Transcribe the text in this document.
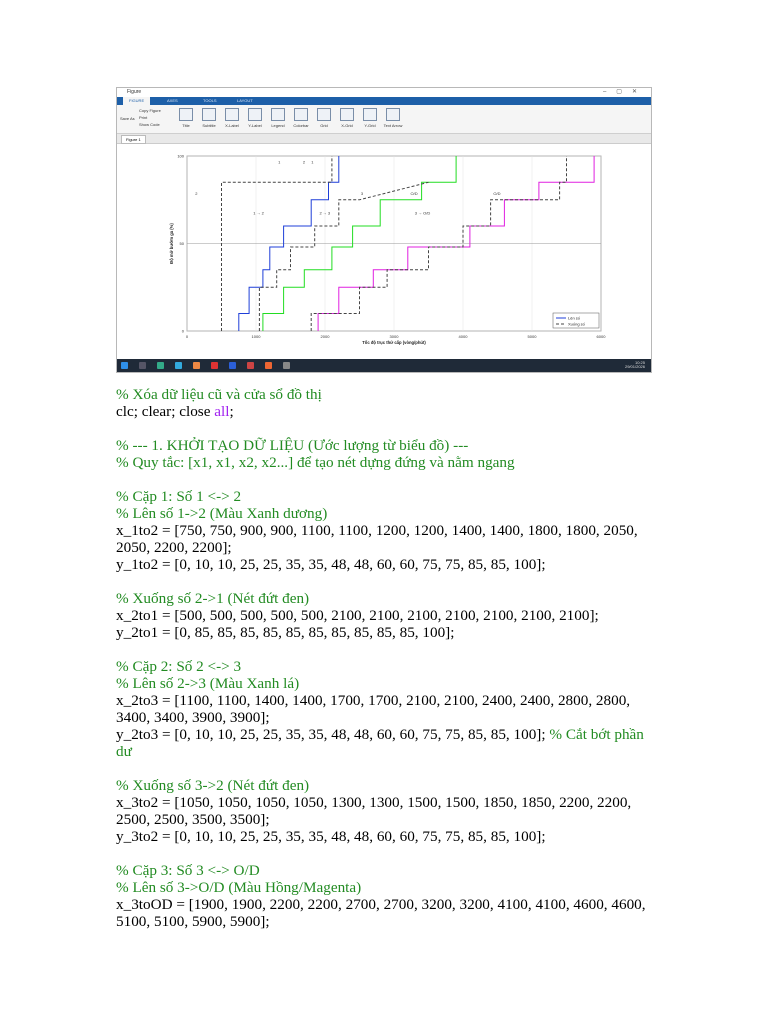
Figure	–▢✕
FIGURE	AXES	TOOLS	LAYOUT
Save As
Copy Figure
Print
Show Code	Title	Subtitle	X-Label	Y-Label	Legend	Colorbar	Grid	X-Grid	Y-Grid	Text Arrow
Figure 1
0	1000	2000	3000	4000	5000	6000
0
50
100
Tốc độ trục thứ cấp (vòng/phút)
Độ mở bướm ga (%)
2
1
1 → 2
2
2 → 3
3
3 → O/D
O/D	O/D
1
Lên số
Xuống số
10:25
29/01/2026
% Xóa dữ liệu cũ và cửa sổ đồ thị
clc; clear; close all;
% --- 1. KHỞI TẠO DỮ LIỆU (Ước lượng từ biểu đồ) ---
% Quy tắc: [x1, x1, x2, x2...] để tạo nét dựng đứng và nằm ngang
% Cặp 1: Số 1 <-> 2
% Lên số 1->2 (Màu Xanh dương)
x_1to2 = [750, 750, 900, 900, 1100, 1100, 1200, 1200, 1400, 1400, 1800, 1800, 2050, 2050, 2200, 2200];
y_1to2 = [0, 10, 10, 25, 25, 35, 35, 48, 48, 60, 60, 75, 75, 85, 85, 100];
% Xuống số 2->1 (Nét đứt đen)
x_2to1 = [500, 500, 500, 500, 500, 2100, 2100, 2100, 2100, 2100, 2100, 2100];
y_2to1 = [0, 85, 85, 85, 85, 85, 85, 85, 85, 85, 85, 100];
% Cặp 2: Số 2 <-> 3
% Lên số 2->3 (Màu Xanh lá)
x_2to3 = [1100, 1100, 1400, 1400, 1700, 1700, 2100, 2100, 2400, 2400, 2800, 2800, 3400, 3400, 3900, 3900];
y_2to3 = [0, 10, 10, 25, 25, 35, 35, 48, 48, 60, 60, 75, 75, 85, 85, 100]; % Cắt bớt phần dư
% Xuống số 3->2 (Nét đứt đen)
x_3to2 = [1050, 1050, 1050, 1050, 1300, 1300, 1500, 1500, 1850, 1850, 2200, 2200, 2500, 2500, 3500, 3500];
y_3to2 = [0, 10, 10, 25, 25, 35, 35, 48, 48, 60, 60, 75, 75, 85, 85, 100];
% Cặp 3: Số 3 <-> O/D
% Lên số 3->O/D (Màu Hồng/Magenta)
x_3toOD = [1900, 1900, 2200, 2200, 2700, 2700, 3200, 3200, 4100, 4100, 4600, 4600, 5100, 5100, 5900, 5900];
